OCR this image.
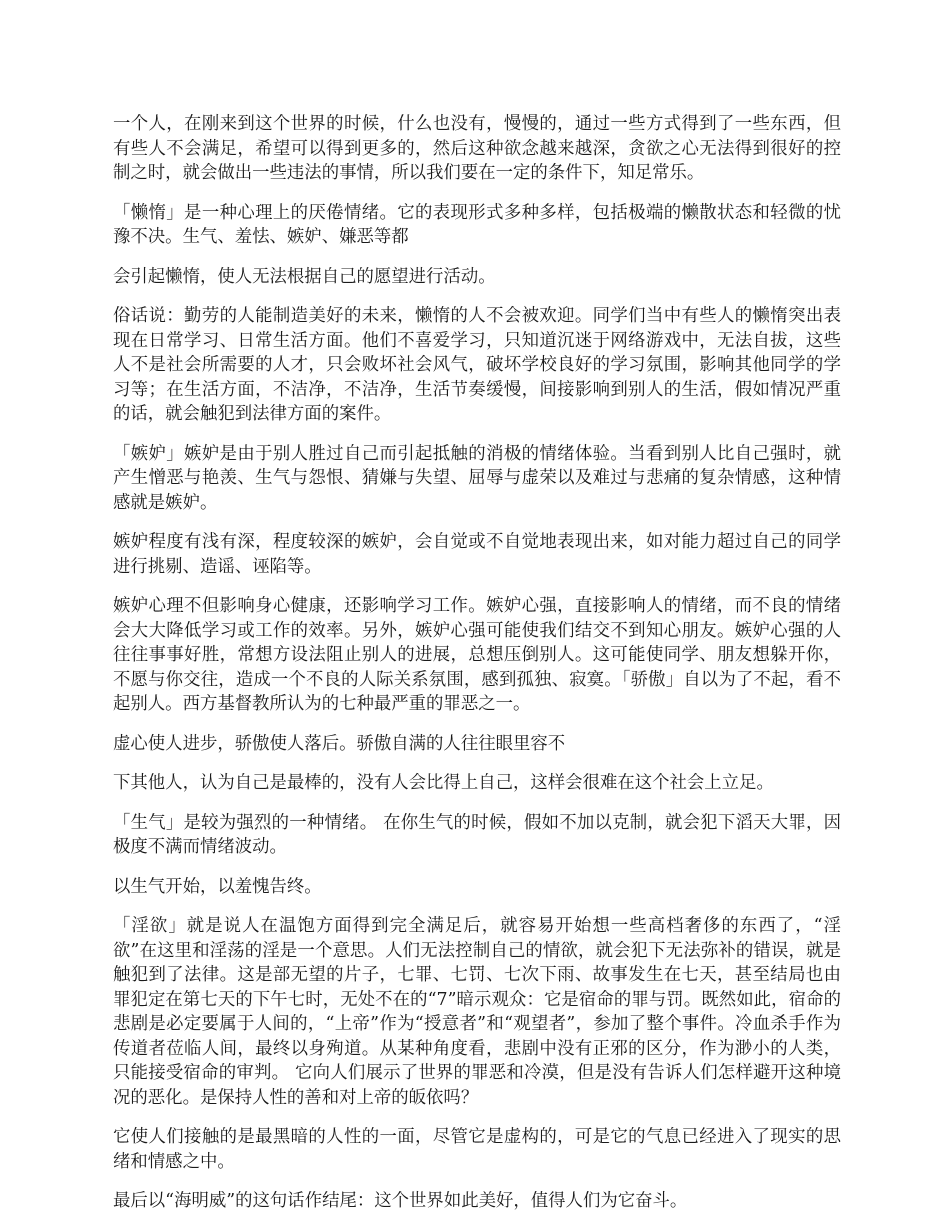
一个人，在刚来到这个世界的时候，什么也没有，慢慢的，通过一些方式得到了一些东西，但有些人不会满足，希望可以得到更多的，然后这种欲念越来越深，贪欲之心无法得到很好的控制之时，就会做出一些违法的事情，所以我们要在一定的条件下，知足常乐。

「懒惰」是一种心理上的厌倦情绪。它的表现形式多种多样，包括极端的懒散状态和轻微的忧豫不决。生气、羞怯、嫉妒、嫌恶等都

会引起懒惰，使人无法根据自己的愿望进行活动。

俗话说：勤劳的人能制造美好的未来，懒惰的人不会被欢迎。同学们当中有些人的懒惰突出表现在日常学习、日常生活方面。他们不喜爱学习，只知道沉迷于网络游戏中，无法自拔，这些人不是社会所需要的人才，只会败坏社会风气，破坏学校良好的学习氛围，影响其他同学的学习等；在生活方面，不洁净，不洁净，生活节奏缓慢，间接影响到别人的生活，假如情况严重的话，就会触犯到法律方面的案件。

「嫉妒」嫉妒是由于别人胜过自己而引起抵触的消极的情绪体验。当看到别人比自己强时，就产生憎恶与艳羡、生气与怨恨、猜嫌与失望、屈辱与虚荣以及难过与悲痛的复杂情感，这种情感就是嫉妒。

嫉妒程度有浅有深，程度较深的嫉妒，会自觉或不自觉地表现出来，如对能力超过自己的同学进行挑剔、造谣、诬陷等。

嫉妒心理不但影响身心健康，还影响学习工作。嫉妒心强，直接影响人的情绪，而不良的情绪会大大降低学习或工作的效率。另外，嫉妒心强可能使我们结交不到知心朋友。嫉妒心强的人往往事事好胜，常想方设法阻止别人的进展，总想压倒别人。这可能使同学、朋友想躲开你，不愿与你交往，造成一个不良的人际关系氛围，感到孤独、寂寞。「骄傲」自以为了不起，看不起别人。西方基督教所认为的七种最严重的罪恶之一。

虚心使人进步，骄傲使人落后。骄傲自满的人往往眼里容不

下其他人，认为自己是最棒的，没有人会比得上自己，这样会很难在这个社会上立足。

「生气」是较为强烈的一种情绪。 在你生气的时候，假如不加以克制，就会犯下滔天大罪，因极度不满而情绪波动。

以生气开始，以羞愧告终。

「淫欲」就是说人在温饱方面得到完全满足后，就容易开始想一些高档奢侈的东西了，“淫欲”在这里和淫荡的淫是一个意思。人们无法控制自己的情欲，就会犯下无法弥补的错误，就是触犯到了法律。这是部无望的片子，七罪、七罚、七次下雨、故事发生在七天，甚至结局也由罪犯定在第七天的下午七时，无处不在的“7”暗示观众：它是宿命的罪与罚。既然如此，宿命的悲剧是必定要属于人间的，“上帝”作为“授意者”和“观望者”，参加了整个事件。冷血杀手作为传道者莅临人间，最终以身殉道。从某种角度看，悲剧中没有正邪的区分，作为渺小的人类，只能接受宿命的审判。 它向人们展示了世界的罪恶和冷漠，但是没有告诉人们怎样避开这种境况的恶化。是保持人性的善和对上帝的皈依吗？

它使人们接触的是最黑暗的人性的一面，尽管它是虚构的，可是它的气息已经进入了现实的思绪和情感之中。

最后以“海明威”的这句话作结尾：这个世界如此美好，值得人们为它奋斗。
